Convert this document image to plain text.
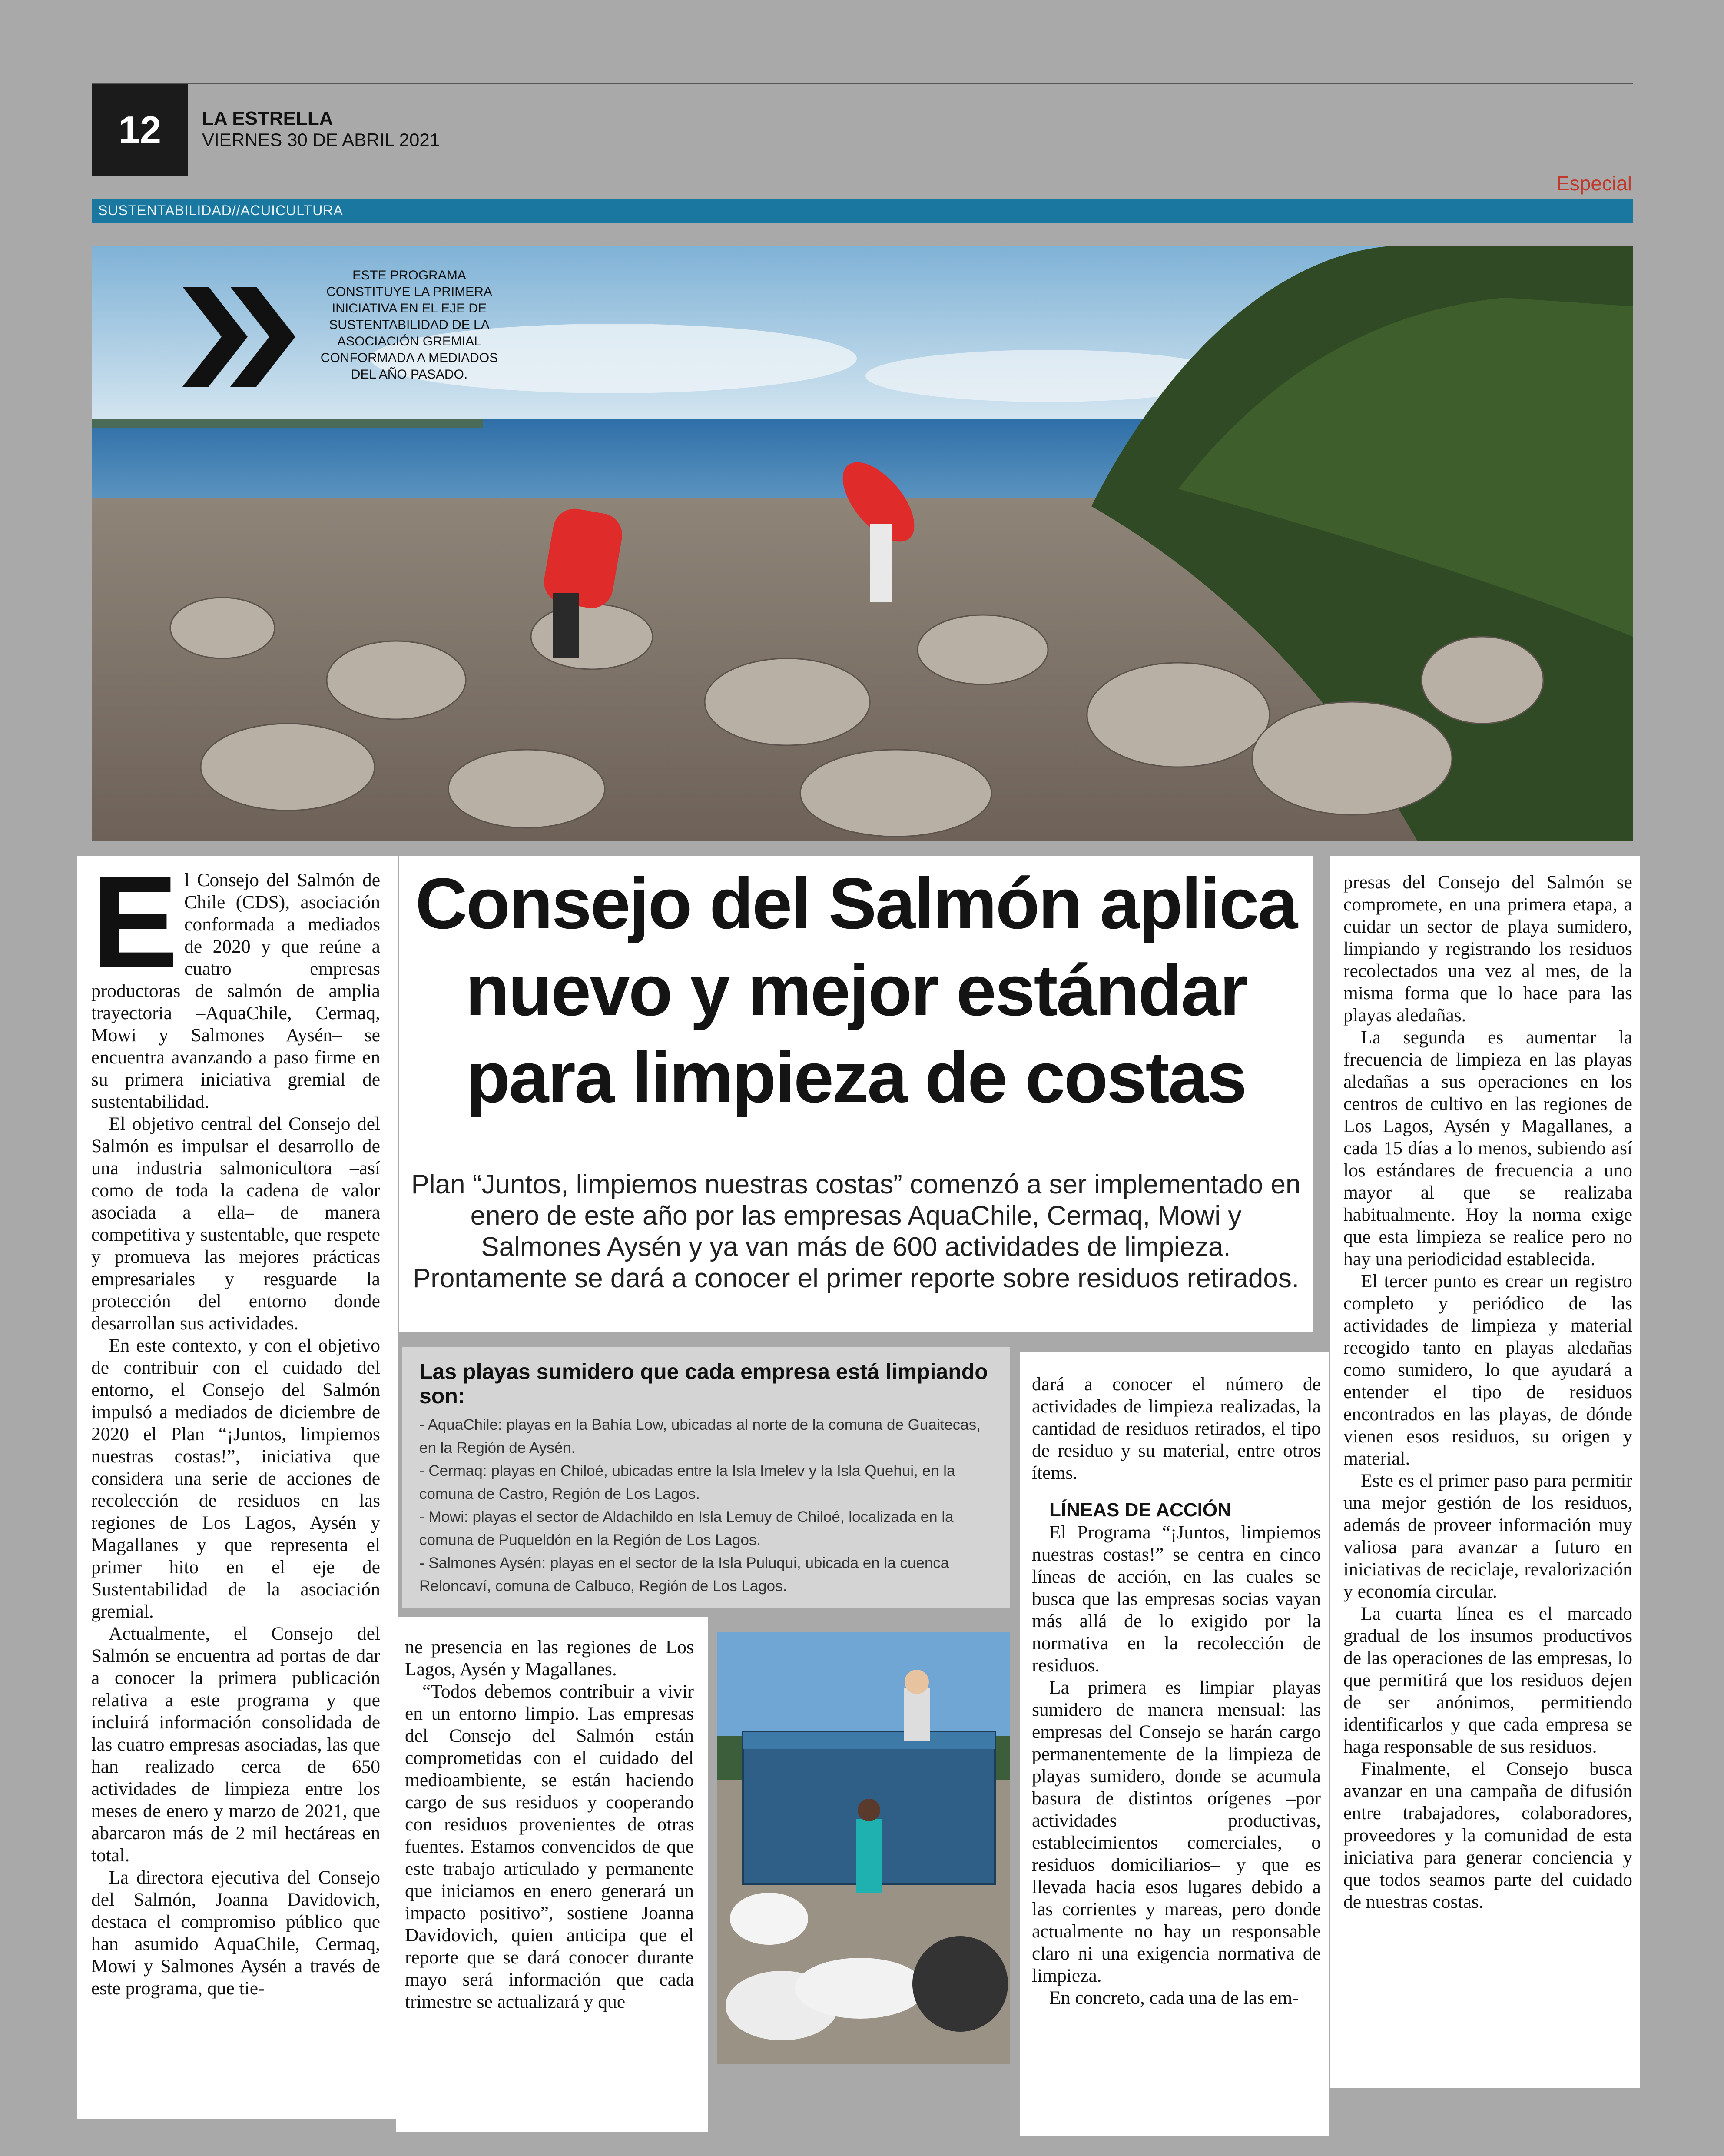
12	LA ESTRELLA
VIERNES 30 DE ABRIL 2021
Especial
SUSTENTABILIDAD//ACUICULTURA
ESTE PROGRAMA CONSTITUYE LA PRIMERA INICIATIVA EN EL EJE DE SUSTENTABILIDAD DE LA ASOCIACIÓN GREMIAL CONFORMADA A MEDIADOS DEL AÑO PASADO.
E l Consejo del Salmón de Chile (CDS), asociación conformada a mediados de 2020 y que reúne a cuatro empresas productoras de salmón de amplia trayectoria –AquaChile, Cermaq, Mowi y Salmones Aysén– se encuentra avanzando a paso firme en su primera iniciativa gremial de sustentabilidad.

El objetivo central del Consejo del Salmón es impulsar el desarrollo de una industria salmonicultora –así como de toda la cadena de valor asociada a ella– de manera competitiva y sustentable, que respete y promueva las mejores prácticas empresariales y resguarde la protección del entorno donde desarrollan sus actividades.

En este contexto, y con el objetivo de contribuir con el cuidado del entorno, el Consejo del Salmón impulsó a mediados de diciembre de 2020 el Plan “¡Juntos, limpiemos nuestras costas!”, iniciativa que considera una serie de acciones de recolección de residuos en las regiones de Los Lagos, Aysén y Magallanes y que representa el primer hito en el eje de Sustentabilidad de la asociación gremial.

Actualmente, el Consejo del Salmón se encuentra ad portas de dar a conocer la primera publicación relativa a este programa y que incluirá información consolidada de las cuatro empresas asociadas, las que han realizado cerca de 650 actividades de limpieza entre los meses de enero y marzo de 2021, que abarcaron más de 2 mil hectáreas en total.

La directora ejecutiva del Consejo del Salmón, Joanna Davidovich, destaca el compromiso público que han asumido AquaChile, Cermaq, Mowi y Salmones Aysén a través de este programa, que tie-

Consejo del Salmón aplica nuevo y mejor estándar para limpieza de costas
Plan “Juntos, limpiemos nuestras costas” comenzó a ser implementado en enero de este año por las empresas AquaChile, Cermaq, Mowi y Salmones Aysén y ya van más de 600 actividades de limpieza. Prontamente se dará a conocer el primer reporte sobre residuos retirados.
Las playas sumidero que cada empresa está limpiando son:
- AquaChile: playas en la Bahía Low, ubicadas al norte de la comuna de Guaitecas, en la Región de Aysén.
- Cermaq: playas en Chiloé, ubicadas entre la Isla Imelev y la Isla Quehui, en la comuna de Castro, Región de Los Lagos.
- Mowi: playas el sector de Aldachildo en Isla Lemuy de Chiloé, localizada en la comuna de Puqueldón en la Región de Los Lagos.
- Salmones Aysén: playas en el sector de la Isla Puluqui, ubicada en la cuenca Reloncaví, comuna de Calbuco, Región de Los Lagos.

ne presencia en las regiones de Los Lagos, Aysén y Magallanes.

“Todos debemos contribuir a vivir en un entorno limpio. Las empresas del Consejo del Salmón están comprometidas con el cuidado del medioambiente, se están haciendo cargo de sus residuos y cooperando con residuos provenientes de otras fuentes. Estamos convencidos de que este trabajo articulado y permanente que iniciamos en enero generará un impacto positivo”, sostiene Joanna Davidovich, quien anticipa que el reporte que se dará conocer durante mayo será información que cada trimestre se actualizará y que

dará a conocer el número de actividades de limpieza realizadas, la cantidad de residuos retirados, el tipo de residuo y su material, entre otros ítems.

LÍNEAS DE ACCIÓN

El Programa “¡Juntos, limpiemos nuestras costas!” se centra en cinco líneas de acción, en las cuales se busca que las empresas socias vayan más allá de lo exigido por la normativa en la recolección de residuos.

La primera es limpiar playas sumidero de manera mensual: las empresas del Consejo se harán cargo permanentemente de la limpieza de playas sumidero, donde se acumula basura de distintos orígenes –por actividades productivas, establecimientos comerciales, o residuos domiciliarios– y que es llevada hacia esos lugares debido a las corrientes y mareas, pero donde actualmente no hay un responsable claro ni una exigencia normativa de limpieza.

En concreto, cada una de las em-

presas del Consejo del Salmón se compromete, en una primera etapa, a cuidar un sector de playa sumidero, limpiando y registrando los residuos recolectados una vez al mes, de la misma forma que lo hace para las playas aledañas.

La segunda es aumentar la frecuencia de limpieza en las playas aledañas a sus operaciones en los centros de cultivo en las regiones de Los Lagos, Aysén y Magallanes, a cada 15 días a lo menos, subiendo así los estándares de frecuencia a uno mayor al que se realizaba habitualmente. Hoy la norma exige que esta limpieza se realice pero no hay una periodicidad establecida.

El tercer punto es crear un registro completo y periódico de las actividades de limpieza y material recogido tanto en playas aledañas como sumidero, lo que ayudará a entender el tipo de residuos encontrados en las playas, de dónde vienen esos residuos, su origen y material.

Este es el primer paso para permitir una mejor gestión de los residuos, además de proveer información muy valiosa para avanzar a futuro en iniciativas de reciclaje, revalorización y economía circular.

La cuarta línea es el marcado gradual de los insumos productivos de las operaciones de las empresas, lo que permitirá que los residuos dejen de ser anónimos, permitiendo identificarlos y que cada empresa se haga responsable de sus residuos.

Finalmente, el Consejo busca avanzar en una campaña de difusión entre trabajadores, colaboradores, proveedores y la comunidad de esta iniciativa para generar conciencia y que todos seamos parte del cuidado de nuestras costas.
